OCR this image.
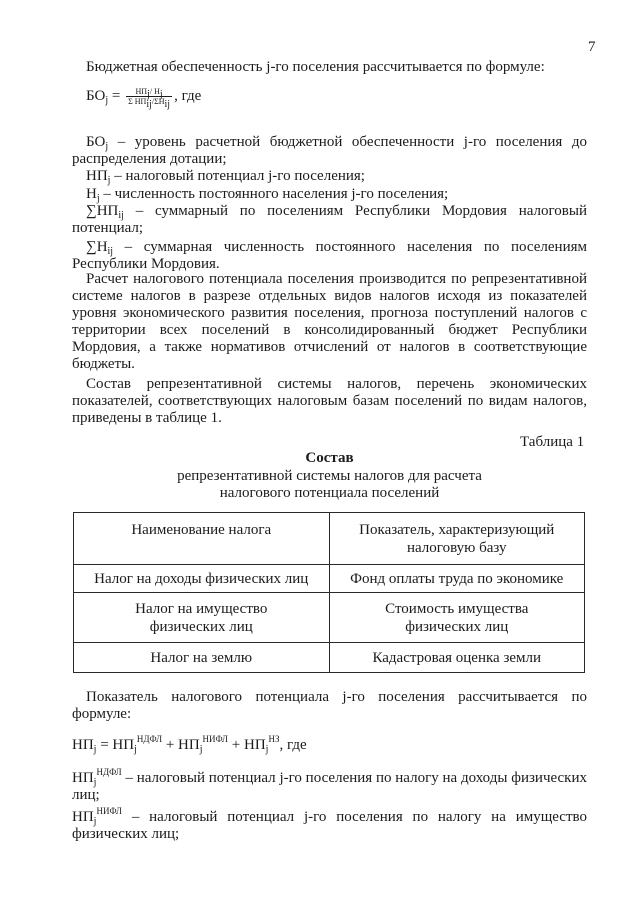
7
Бюджетная обеспеченность j-го поселения рассчитывается по формуле:
$БО_j = \frac{НП_j/ Н_j}{\Sigma НП_{ij}/\Sigma Н_{ij}}$ , где
$БО_j$ – уровень расчетной бюджетной обеспеченности j-го поселения до распределения дотации;
$НП_j$ – налоговый потенциал j-го поселения;
$Н_j$ – численность постоянного населения j-го поселения;
$\sum НП_{ij}$ – суммарный по поселениям Республики Мордовия налоговый потенциал;
$\sum Н_{ij}$ – суммарная численность постоянного населения по поселениям Республики Мордовия.
Расчет налогового потенциала поселения производится по репрезентативной системе налогов в разрезе отдельных видов налогов исходя из показателей уровня экономического развития поселения, прогноза поступлений налогов с территории всех поселений в консолидированный бюджет Республики Мордовия, а также нормативов отчислений от налогов в соответствующие бюджеты.
Состав репрезентативной системы налогов, перечень экономических показателей, соответствующих налоговым базам поселений по видам налогов, приведены в таблице 1.
Таблица 1
Состав
репрезентативной системы налогов для расчета
налогового потенциала поселений
Наименование налога	Показатель, характеризующий
налоговую базу

Налог на доходы физических лиц	Фонд оплаты труда по экономике

Налог на имущество
физических лиц	Стоимость имущества
физических лиц

Налог на землю	Кадастровая оценка земли
Показатель налогового потенциала j-го поселения рассчитывается по формуле:
$НП_j = НП_j^{НДФЛ} + НП_j^{НИФЛ} + НП_j^{НЗ}$, где
$НП_j^{НДФЛ}$ – налоговый потенциал j-го поселения по налогу на доходы физических лиц;
$НП_j^{НИФЛ}$ – налоговый потенциал j-го поселения по налогу на имущество физических лиц;
